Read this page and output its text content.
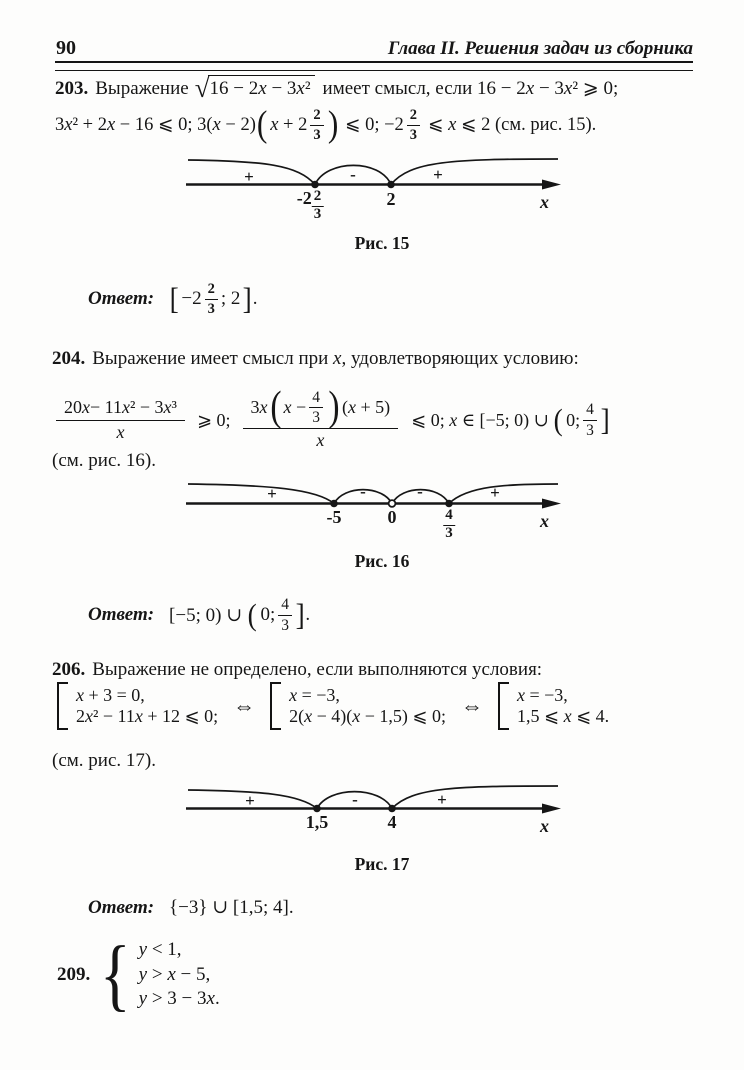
90	Глава II. Решения задач из сборника
203. Выражение √ 16 − 2x − 3x² имеет смысл, если 16 − 2x − 3x² ⩾ 0;
3x² + 2x − 16 ⩽ 0; 3(x − 2) ( $x + 2 \frac{2}{3}$ ) ⩽ 0; $-2 \frac{2}{3}$ ⩽ x ⩽ 2 (см. рис. 15).
+	-	+
$-2 \frac{2}{3}$	2	x
Рис. 15
Ответ: [ $-2 \frac{2}{3}$ ; 2 ] .
204. Выражение имеет смысл при x, удовлетворяющих условию:
$\frac{\text{20 x − 11 x ² − 3 x ³}}{x}$ ⩾ 0;
3x ( $x - \frac{4}{3}$ ) (x + 5)
x
⩽ 0; x ∈ [−5; 0) ∪ ( 0; $\frac{4}{3}$ ]
(см. рис. 16).
+	-	-	+
-5	0	$\frac{4}{3}$	x
Рис. 16
Ответ: [−5; 0) ∪ ( 0; $\frac{4}{3}$ ] .
206. Выражение не определено, если выполняются условия:
x + 3 = 0,
2x² − 11x + 12 ⩽ 0; ⇔ x = −3,
2(x − 4)(x − 1,5) ⩽ 0; ⇔ x = −3,
1,5 ⩽ x ⩽ 4.
(см. рис. 17).
+	-	+
1,5	4	x
Рис. 17
Ответ: {−3} ∪ [1,5; 4].
209. { y < 1,
y > x − 5,
y > 3 − 3x.
